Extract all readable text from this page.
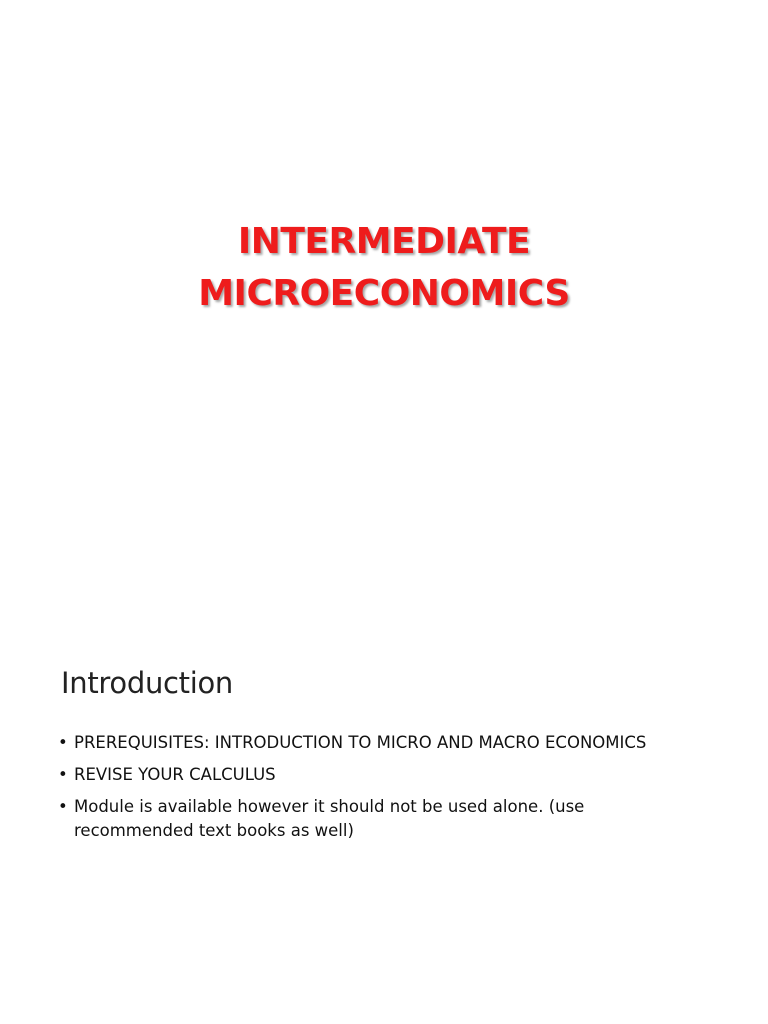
INTERMEDIATE
MICROECONOMICS
Introduction
• PREREQUISITES: INTRODUCTION TO MICRO AND MACRO ECONOMICS
• REVISE YOUR CALCULUS
• Module is available however it should not be used alone. (use recommended text books as well)
